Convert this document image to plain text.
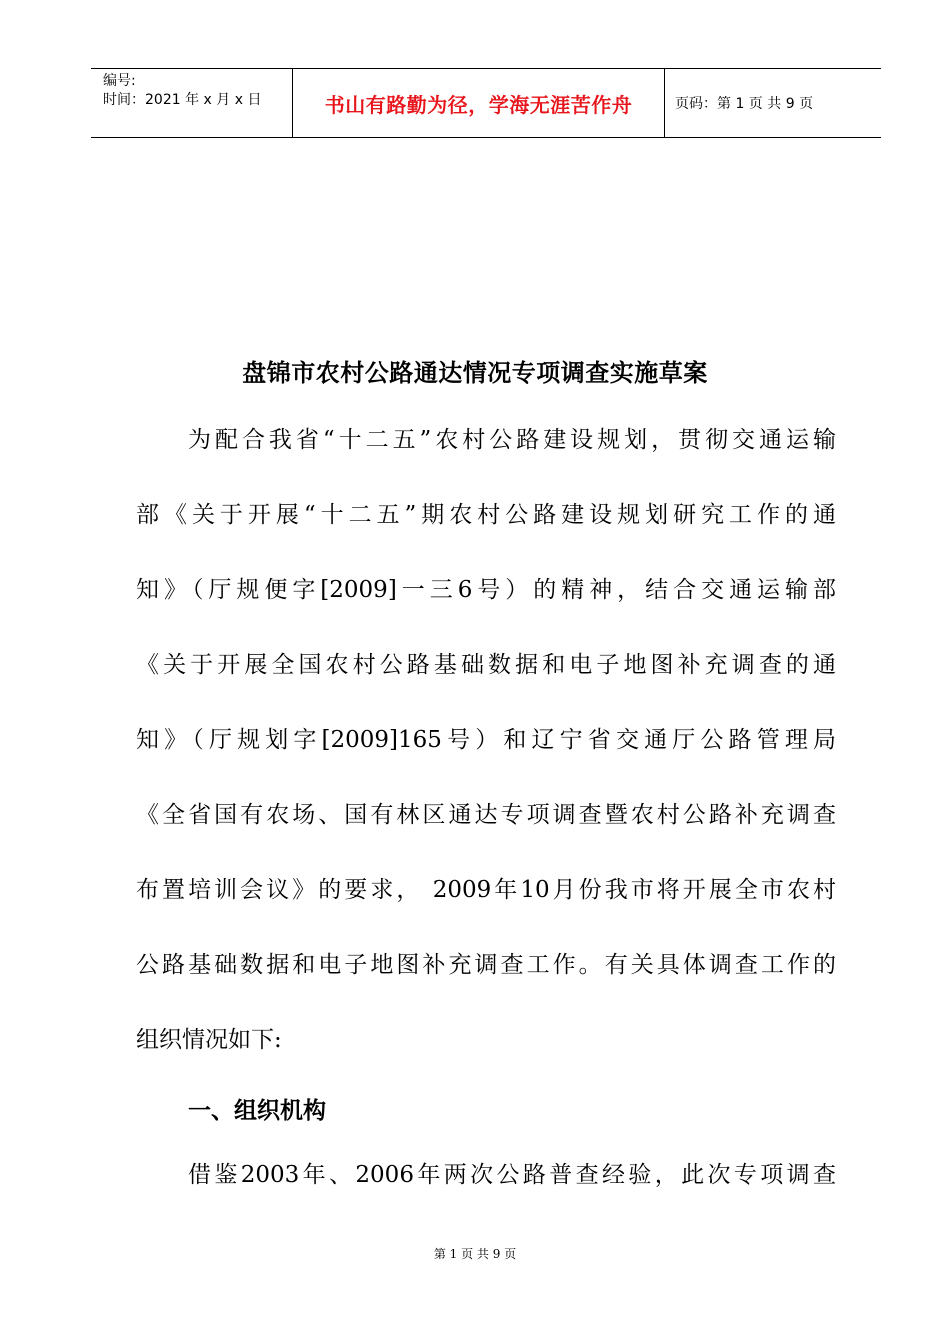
编号:
时间：2021 年 x 月 x 日	书山有路勤为径，学海无涯苦作舟	页码：第 1 页 共 9 页
盘锦市农村公路通达情况专项调查实施草案
为配合我省“十二五”农村公路建设规划，贯彻交通运输
部《关于开展“十二五”期农村公路建设规划研究工作的通
知》（厅规便字[2009]一三6号）的精神，结合交通运输部
《关于开展全国农村公路基础数据和电子地图补充调查的通
知》（厅规划字[2009]165号）和辽宁省交通厅公路管理局
《全省国有农场、国有林区通达专项调查暨农村公路补充调查
布置培训会议》的要求， 2009年10月份我市将开展全市农村
公路基础数据和电子地图补充调查工作。有关具体调查工作的
组织情况如下:
一、组织机构
借鉴2003年、2006年两次公路普查经验，此次专项调查
第 1 页 共 9 页
